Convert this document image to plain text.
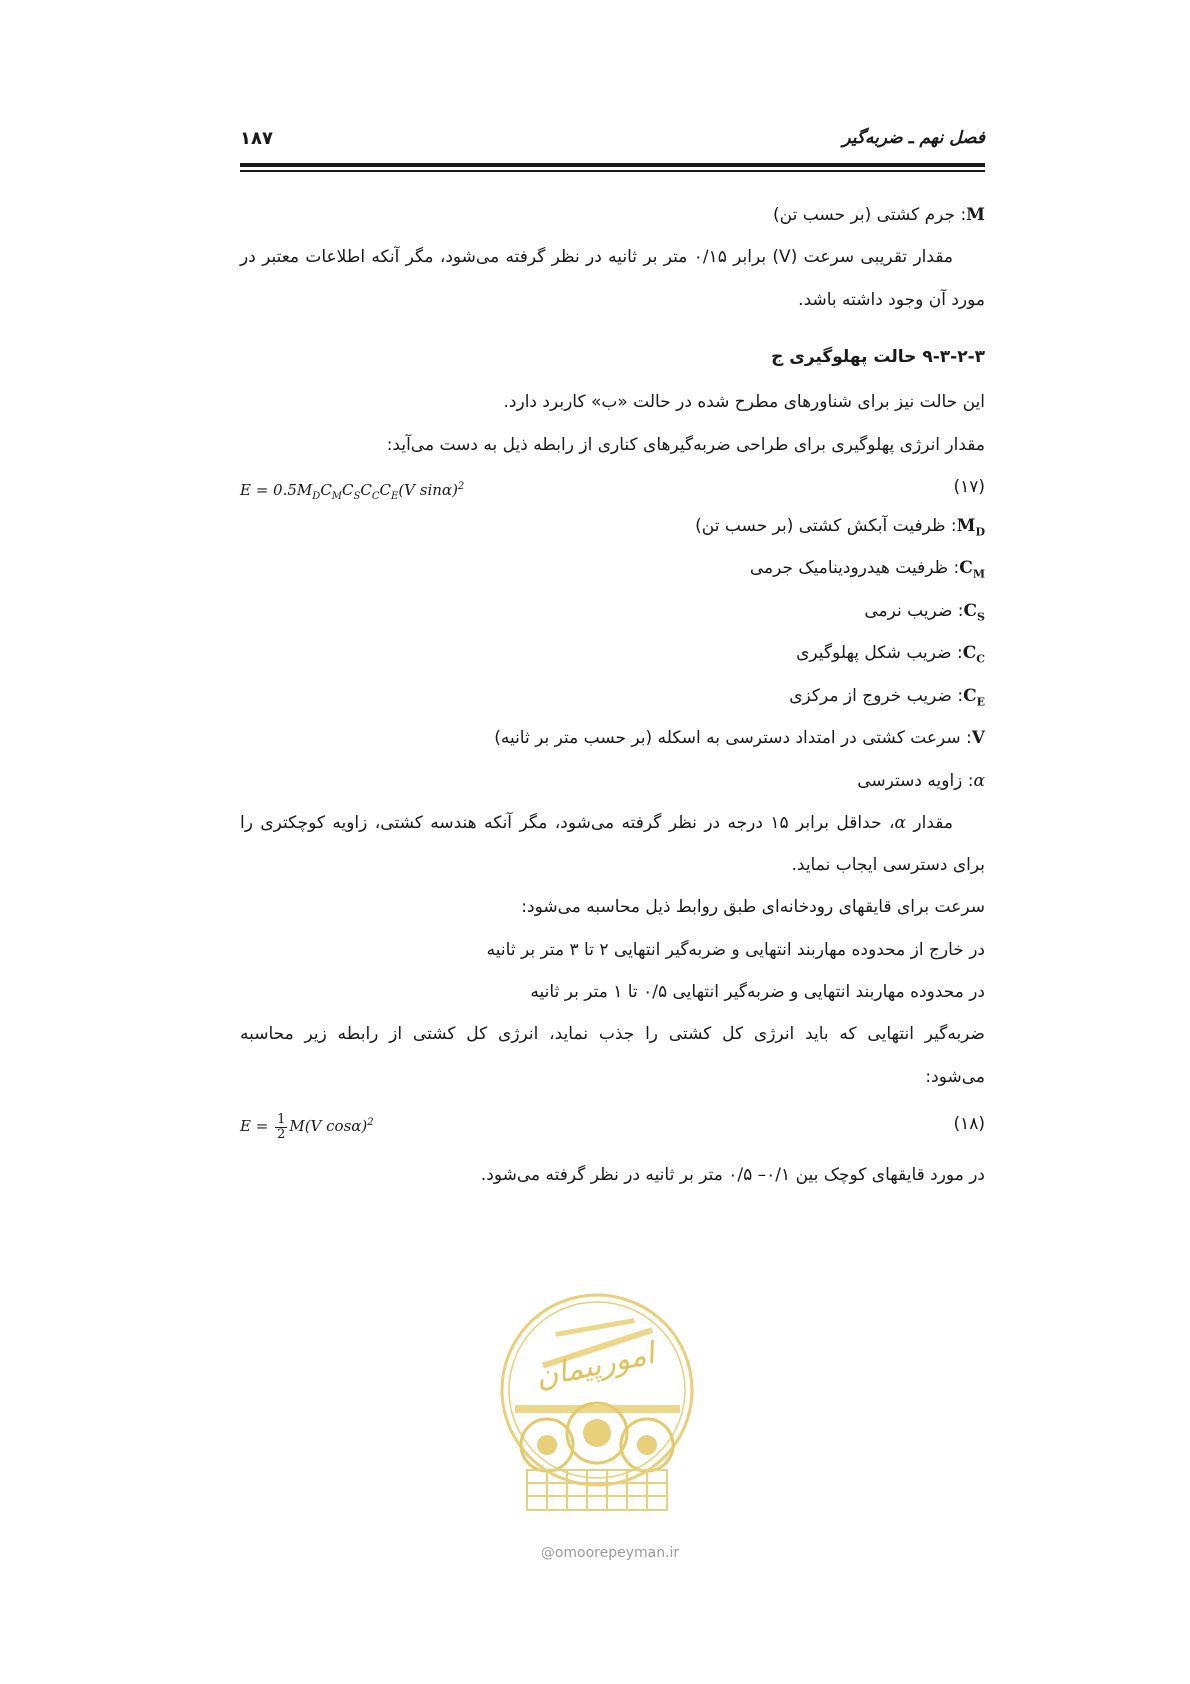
فصل نهم ـ ضربه‌گیر
۱۸۷
M: جرم کشتی (بر حسب تن)
مقدار تقریبی سرعت (V) برابر ۰/۱۵ متر بر ثانیه در نظر گرفته می‌شود، مگر آنکه اطلاعات معتبر در
مورد آن وجود داشته باشد.
۹-۳-۲-۳ حالت پهلوگیری ج
این حالت نیز برای شناورهای مطرح شده در حالت «ب» کاربرد دارد.
مقدار انرژی پهلوگیری برای طراحی ضربه‌گیرهای کناری از رابطه ذیل به دست می‌آید:
$E = 0.5M_DC_MC_SC_CC_E(V$ sinα)$^2$	(۱۷)
$M_D$: ظرفیت آبکش کشتی (بر حسب تن)
$C_M$: ظرفیت هیدرودینامیک جرمی
$C_S$: ضریب نرمی
$C_C$: ضریب شکل پهلوگیری
$C_E$: ضریب خروج از مرکزی
V: سرعت کشتی در امتداد دسترسی به اسکله (بر حسب متر بر ثانیه)
α: زاویه دسترسی
مقدار α، حداقل برابر ۱۵ درجه در نظر گرفته می‌شود، مگر آنکه هندسه کشتی، زاویه کوچکتری را
برای دسترسی ایجاب نماید.
سرعت برای قایقهای رودخانه‌ای طبق روابط ذیل محاسبه می‌شود:
در خارج از محدوده مهاربند انتهایی و ضربه‌گیر انتهایی ۲ تا ۳ متر بر ثانیه
در محدوده مهاربند انتهایی و ضربه‌گیر انتهایی ۰/۵ تا ۱ متر بر ثانیه
ضربه‌گیر انتهایی که باید انرژی کل کشتی را جذب نماید، انرژی کل کشتی از رابطه زیر محاسبه
می‌شود:
$E = \frac{1}{2} M(V$ cosα)$^2$	(۱۸)
در مورد قایقهای کوچک بین ۰/۱– ۰/۵ متر بر ثانیه در نظر گرفته می‌شود.
امورپیمان
@omoorepeyman.ir
